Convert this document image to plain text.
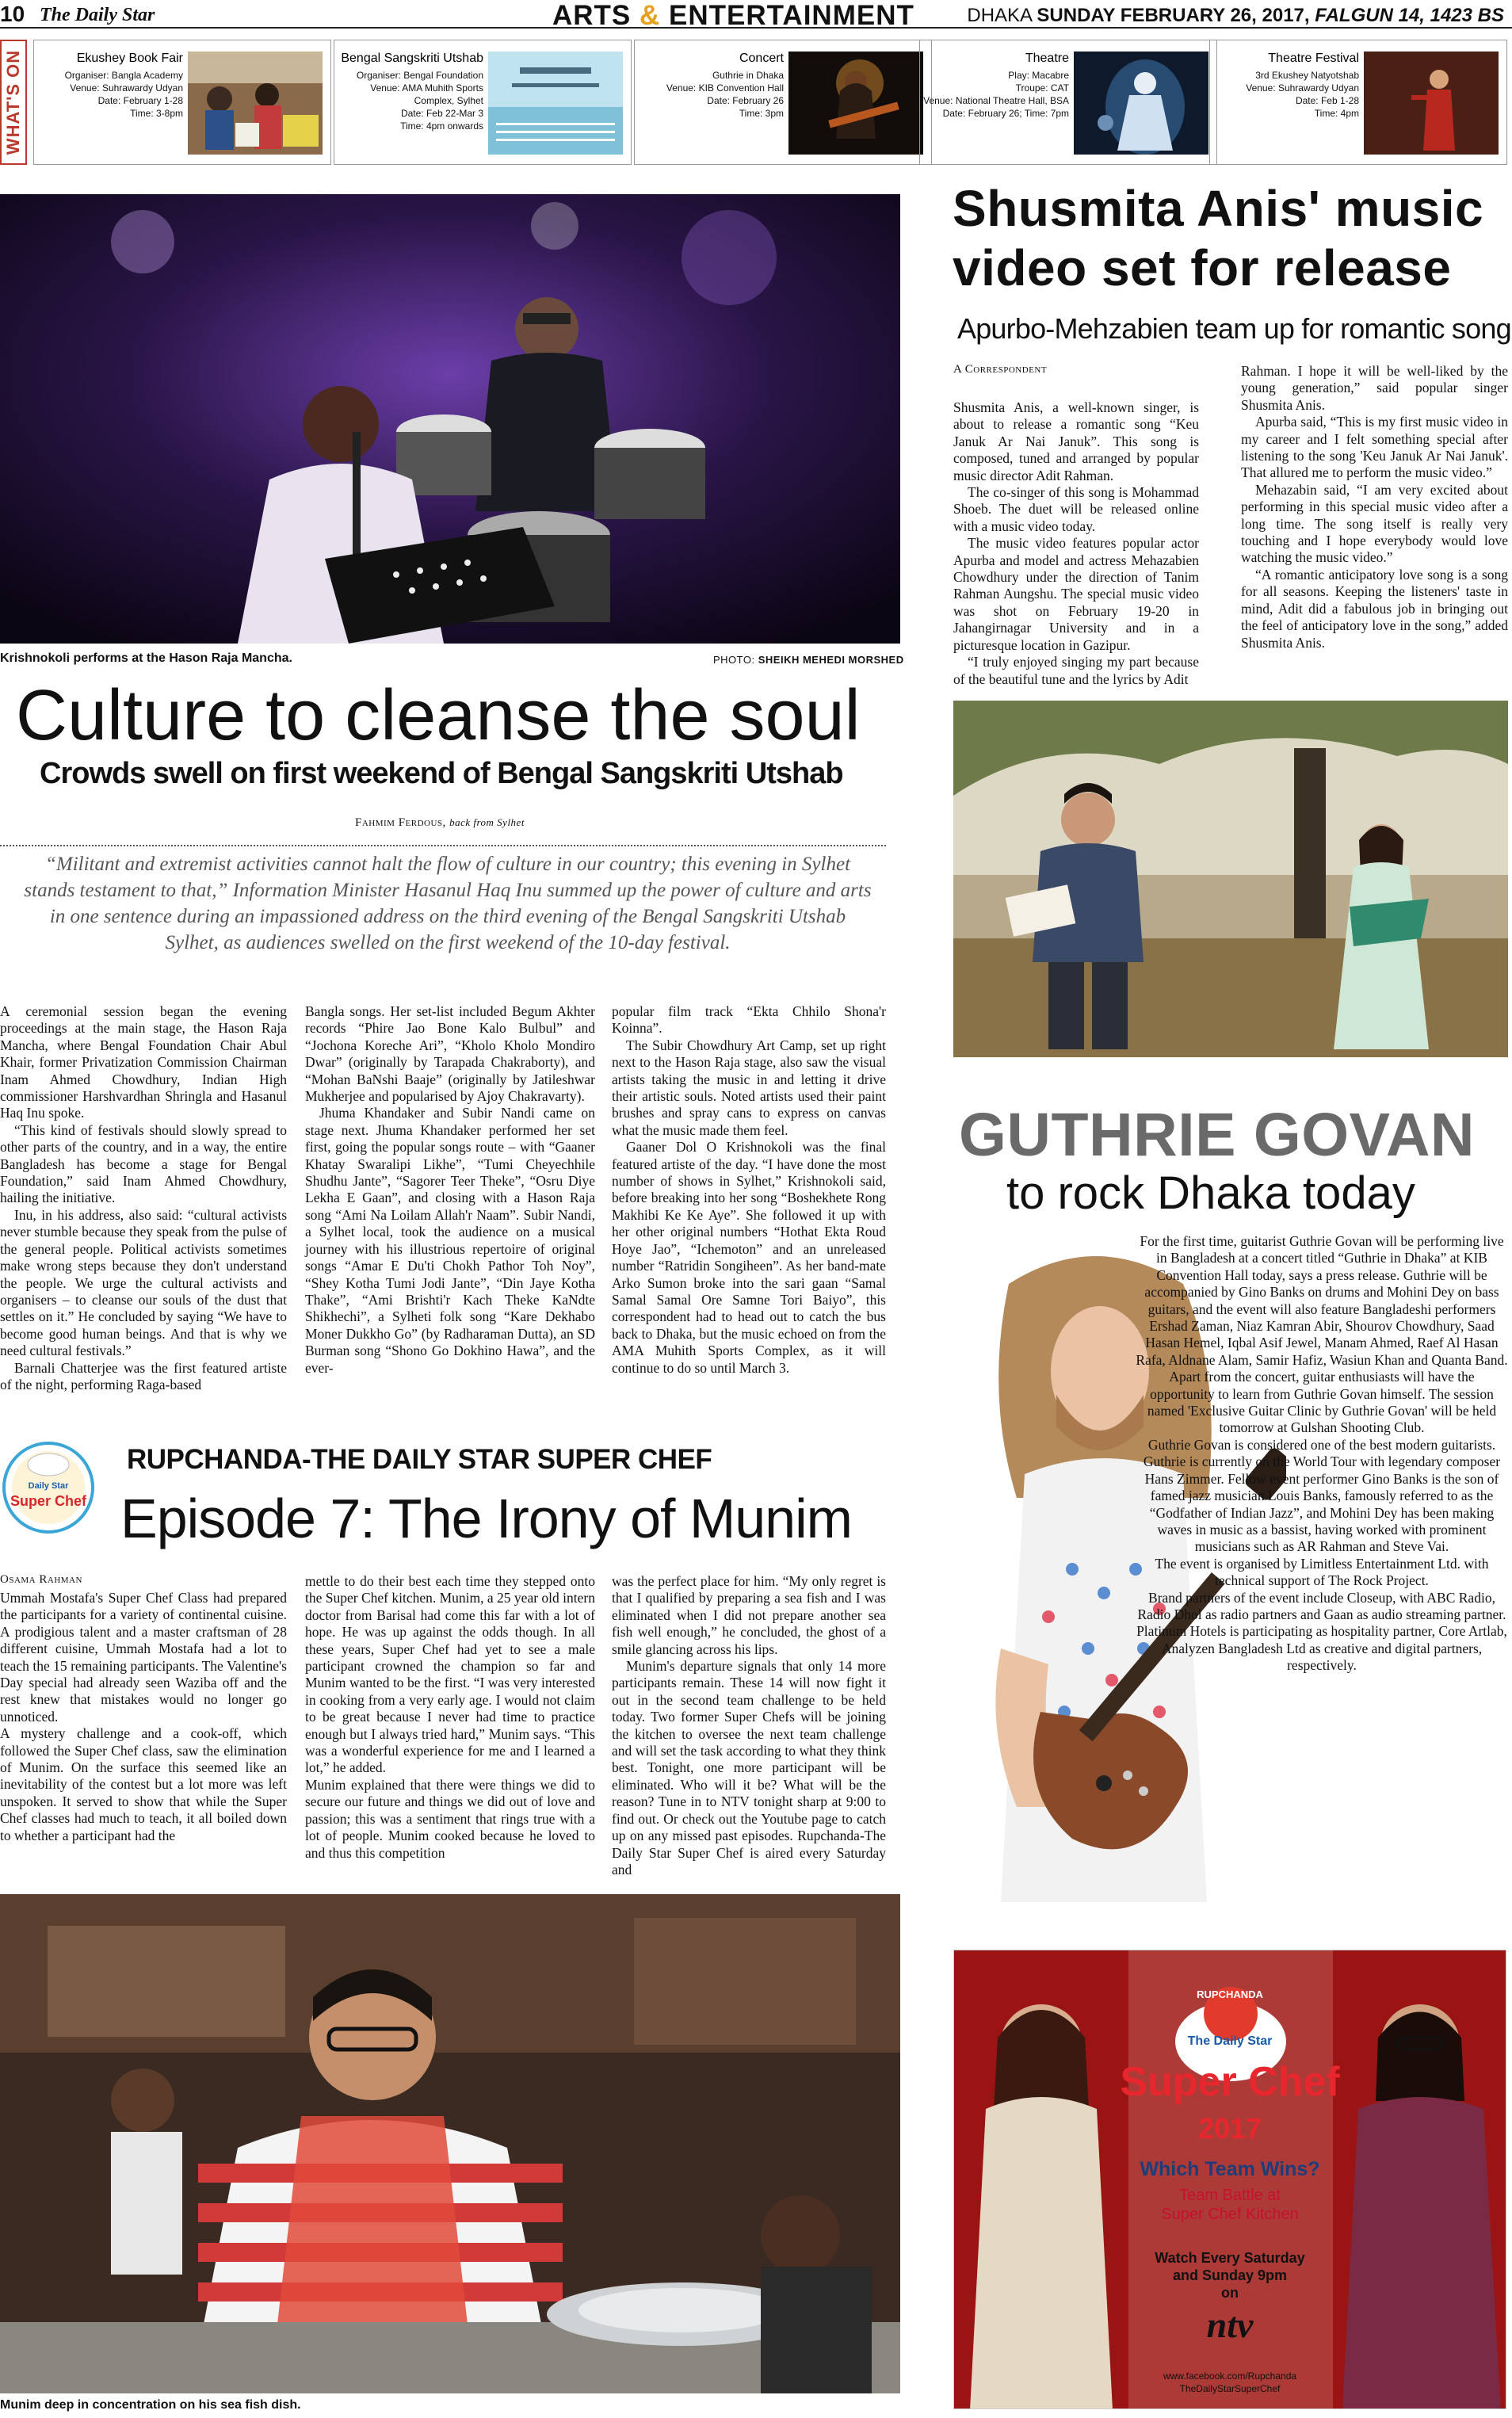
10 The Daily Star	ARTS & ENTERTAINMENT	DHAKA SUNDAY FEBRUARY 26, 2017, FALGUN 14, 1423 BS
WHAT'S ON	Ekushey Book Fair
Organiser: Bangla Academy
Venue: Suhrawardy Udyan
Date: February 1-28
Time: 3-8pm
Bengal Sangskriti Utshab
Organiser: Bengal Foundation
Venue: AMA Muhith Sports
Complex, Sylhet
Date: Feb 22-Mar 3
Time: 4pm onwards
Concert
Guthrie in Dhaka
Venue: KIB Convention Hall
Date: February 26
Time: 3pm
Theatre
Play: Macabre
Troupe: CAT
Venue: National Theatre Hall, BSA
Date: February 26; Time: 7pm
Theatre Festival
3rd Ekushey Natyotshab
Venue: Suhrawardy Udyan
Date: Feb 1-28
Time: 4pm
Krishnokoli performs at the Hason Raja Mancha.	PHOTO: SHEIKH MEHEDI MORSHED
Culture to cleanse the soul
Crowds swell on first weekend of Bengal Sangskriti Utshab
Fahmim Ferdous, back from Sylhet
“Militant and extremist activities cannot halt the flow of culture in our country; this evening in Sylhet stands testament to that,” Information Minister Hasanul Haq Inu summed up the power of culture and arts in one sentence during an impassioned address on the third evening of the Bengal Sangskriti Utshab Sylhet, as audiences swelled on the first weekend of the 10-day festival.

A ceremonial session began the evening proceedings at the main stage, the Hason Raja Mancha, where Bengal Foundation Chair Abul Khair, former Privatization Commission Chairman Inam Ahmed Chowdhury, Indian High commissioner Harshvardhan Shringla and Hasanul Haq Inu spoke.

“This kind of festivals should slowly spread to other parts of the country, and in a way, the entire Bangladesh has become a stage for Bengal Foundation,” said Inam Ahmed Chowdhury, hailing the initiative.

Inu, in his address, also said: “cultural activists never stumble because they speak from the pulse of the general people. Political activists sometimes make wrong steps because they don't understand the people. We urge the cultural activists and organisers – to cleanse our souls of the dust that settles on it.” He concluded by saying “We have to become good human beings. And that is why we need cultural festivals.”

Barnali Chatterjee was the first featured artiste of the night, performing Raga-based

Bangla songs. Her set-list included Begum Akhter records “Phire Jao Bone Kalo Bulbul” and “Jochona Koreche Ari”, “Kholo Kholo Mondiro Dwar” (originally by Tarapada Chakraborty), and “Mohan BaNshi Baaje” (originally by Jatileshwar Mukherjee and popularised by Ajoy Chakravarty).

Jhuma Khandaker and Subir Nandi came on stage next. Jhuma Khandaker performed her set first, going the popular songs route – with “Gaaner Khatay Swaralipi Likhe”, “Tumi Cheyechhile Shudhu Jante”, “Sagorer Teer Theke”, “Osru Diye Lekha E Gaan”, and closing with a Hason Raja song “Ami Na Loilam Allah'r Naam”. Subir Nandi, a Sylhet local, took the audience on a musical journey with his illustrious repertoire of original songs “Amar E Du'ti Chokh Pathor Toh Noy”, “Shey Kotha Tumi Jodi Jante”, “Din Jaye Kotha Thake”, “Ami Brishti'r Kach Theke KaNdte Shikhechi”, a Sylheti folk song “Kare Dekhabo Moner Dukkho Go” (by Radharaman Dutta), an SD Burman song “Shono Go Dokhino Hawa”, and the ever-

popular film track “Ekta Chhilo Shona'r Koinna”.

The Subir Chowdhury Art Camp, set up right next to the Hason Raja stage, also saw the visual artists taking the music in and letting it drive their artistic souls. Noted artists used their paint brushes and spray cans to express on canvas what the music made them feel.

Gaaner Dol O Krishnokoli was the final featured artiste of the day. “I have done the most number of shows in Sylhet,” Krishnokoli said, before breaking into her song “Boshekhete Rong Makhibi Ke Ke Aye”. She followed it up with her other original numbers “Hothat Ekta Roud Hoye Jao”, “Ichemoton” and an unreleased number “Ratridin Songiheen”. As her band-mate Arko Sumon broke into the sari gaan “Samal Samal Samal Ore Samne Tori Baiyo”, this correspondent had to head out to catch the bus back to Dhaka, but the music echoed on from the AMA Muhith Sports Complex, as it will continue to do so until March 3.

Daily Star
Super Chef
RUPCHANDA-THE DAILY STAR SUPER CHEF
Episode 7: The Irony of Munim
Osama Rahman

Ummah Mostafa's Super Chef Class had prepared the participants for a variety of continental cuisine. A prodigious talent and a master craftsman of 28 different cuisine, Ummah Mostafa had a lot to teach the 15 remaining participants. The Valentine's Day special had already seen Waziba off and the rest knew that mistakes would no longer go unnoticed.

A mystery challenge and a cook-off, which followed the Super Chef class, saw the elimination of Munim. On the surface this seemed like an inevitability of the contest but a lot more was left unspoken. It served to show that while the Super Chef classes had much to teach, it all boiled down to whether a participant had the

mettle to do their best each time they stepped onto the Super Chef kitchen. Munim, a 25 year old intern doctor from Barisal had come this far with a lot of hope. He was up against the odds though. In all these years, Super Chef had yet to see a male participant crowned the champion so far and Munim wanted to be the first. “I was very interested in cooking from a very early age. I would not claim to be great because I never had time to practice enough but I always tried hard,” Munim says. “This was a wonderful experience for me and I learned a lot,” he added.

Munim explained that there were things we did to secure our future and things we did out of love and passion; this was a sentiment that rings true with a lot of people. Munim cooked because he loved to and thus this competition

was the perfect place for him. “My only regret is that I qualified by preparing a sea fish and I was eliminated when I did not prepare another sea fish well enough,” he concluded, the ghost of a smile glancing across his lips.

Munim's departure signals that only 14 more participants remain. These 14 will now fight it out in the second team challenge to be held today. Two former Super Chefs will be joining the kitchen to oversee the next team challenge and will set the task according to what they think best. Tonight, one more participant will be eliminated. Who will it be? What will be the reason? Tune in to NTV tonight sharp at 9:00 to find out. Or check out the Youtube page to catch up on any missed past episodes. Rupchanda-The Daily Star Super Chef is aired every Saturday and

Munim deep in concentration on his sea fish dish.
Shusmita Anis' music video set for release
Apurbo-Mehzabien team up for romantic song
A Correspondent

Shusmita Anis, a well-known singer, is about to release a romantic song “Keu Januk Ar Nai Januk”. This song is composed, tuned and arranged by popular music director Adit Rahman.

The co-singer of this song is Mohammad Shoeb. The duet will be released online with a music video today.

The music video features popular actor Apurba and model and actress Mehazabien Chowdhury under the direction of Tanim Rahman Aungshu. The special music video was shot on February 19-20 in Jahangirnagar University and in a picturesque location in Gazipur.

“I truly enjoyed singing my part because of the beautiful tune and the lyrics by Adit

Rahman. I hope it will be well-liked by the young generation,” said popular singer Shusmita Anis.

Apurba said, “This is my first music video in my career and I felt something special after listening to the song 'Keu Januk Ar Nai Januk'. That allured me to perform the music video.”

Mehazabin said, “I am very excited about performing in this special music video after a long time. The song itself is really very touching and I hope everybody would love watching the music video.”

“A romantic anticipatory love song is a song for all seasons. Keeping the listeners' taste in mind, Adit did a fabulous job in bringing out the feel of anticipatory love in the song,” added Shusmita Anis.

GUTHRIE GOVAN
to rock Dhaka today

For the first time, guitarist Guthrie Govan will be performing live in Bangladesh at a concert titled “Guthrie in Dhaka” at KIB Convention Hall today, says a press release. Guthrie will be accompanied by Gino Banks on drums and Mohini Dey on bass guitars, and the event will also feature Bangladeshi performers Ershad Zaman, Niaz Kamran Abir, Shourov Chowdhury, Saad Hasan Hemel, Iqbal Asif Jewel, Manam Ahmed, Raef Al Hasan Rafa, Aldnane Alam, Samir Hafiz, Wasiun Khan and Quanta Band.

Apart from the concert, guitar enthusiasts will have the opportunity to learn from Guthrie Govan himself. The session named 'Exclusive Guitar Clinic by Guthrie Govan' will be held tomorrow at Gulshan Shooting Club.

Guthrie Govan is considered one of the best modern guitarists. Guthrie is currently on the World Tour with legendary composer Hans Zimmer. Fellow event performer Gino Banks is the son of famed jazz musician Louis Banks, famously referred to as the “Godfather of Indian Jazz”, and Mohini Dey has been making waves in music as a bassist, having worked with prominent musicians such as AR Rahman and Steve Vai.

The event is organised by Limitless Entertainment Ltd. with technical support of The Rock Project.

Brand partners of the event include Closeup, with ABC Radio, Radio Dhol as radio partners and Gaan as audio streaming partner. Platinum Hotels is participating as hospitality partner, Core Artlab, Analyzen Bangladesh Ltd as creative and digital partners, respectively.

RUPCHANDA
The Daily Star
Super Chef
2017
Which Team Wins?
Team Battle at
Super Chef Kitchen
Watch Every Saturday
and Sunday 9pm
on
ntv
www.facebook.com/Rupchanda
TheDailyStarSuperChef
